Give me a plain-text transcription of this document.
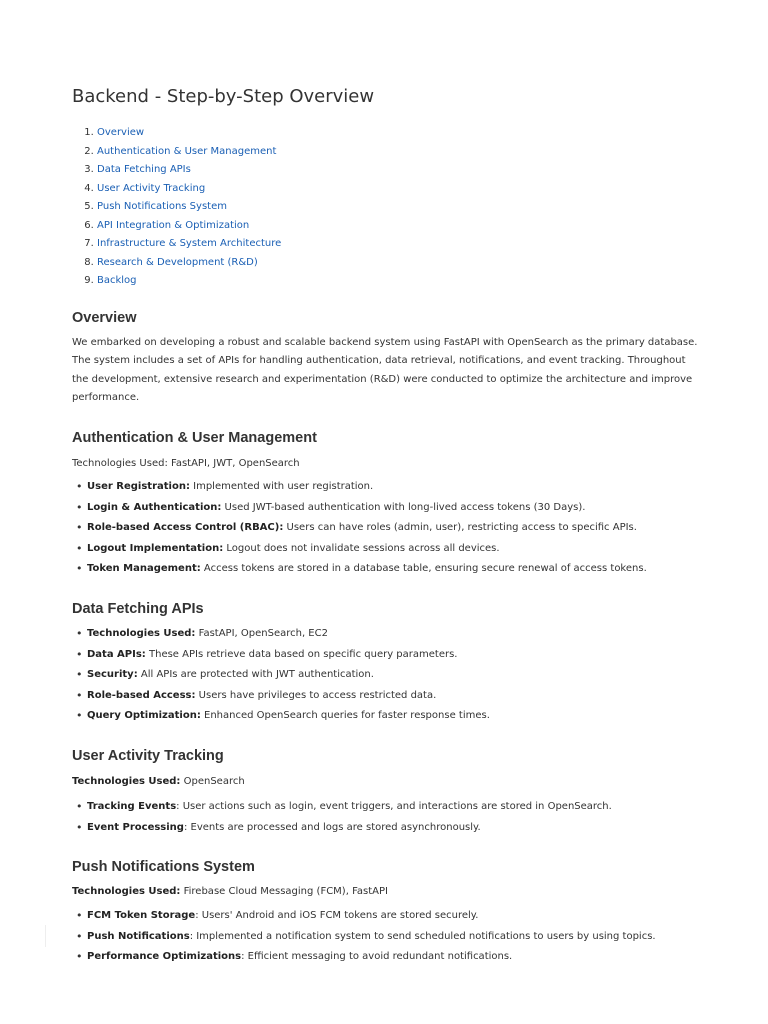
Backend - Step-by-Step Overview
1. Overview
2. Authentication & User Management
3. Data Fetching APIs
4. User Activity Tracking
5. Push Notifications System
6. API Integration & Optimization
7. Infrastructure & System Architecture
8. Research & Development (R&D)
9. Backlog
Overview

We embarked on developing a robust and scalable backend system using FastAPI with OpenSearch as the primary database. The system includes a set of APIs for handling authentication, data retrieval, notifications, and event tracking. Throughout the development, extensive research and experimentation (R&D) were conducted to optimize the architecture and improve performance.

Authentication & User Management

Technologies Used: FastAPI, JWT, OpenSearch

• User Registration: Implemented with user registration.
• Login & Authentication: Used JWT-based authentication with long-lived access tokens (30 Days).
• Role-based Access Control (RBAC): Users can have roles (admin, user), restricting access to specific APIs.
• Logout Implementation: Logout does not invalidate sessions across all devices.
• Token Management: Access tokens are stored in a database table, ensuring secure renewal of access tokens.
Data Fetching APIs
• Technologies Used: FastAPI, OpenSearch, EC2
• Data APIs: These APIs retrieve data based on specific query parameters.
• Security: All APIs are protected with JWT authentication.
• Role-based Access: Users have privileges to access restricted data.
• Query Optimization: Enhanced OpenSearch queries for faster response times.
User Activity Tracking

Technologies Used: OpenSearch

• Tracking Events: User actions such as login, event triggers, and interactions are stored in OpenSearch.
• Event Processing: Events are processed and logs are stored asynchronously.
Push Notifications System

Technologies Used: Firebase Cloud Messaging (FCM), FastAPI

• FCM Token Storage: Users' Android and iOS FCM tokens are stored securely.
• Push Notifications: Implemented a notification system to send scheduled notifications to users by using topics.
• Performance Optimizations: Efficient messaging to avoid redundant notifications.
